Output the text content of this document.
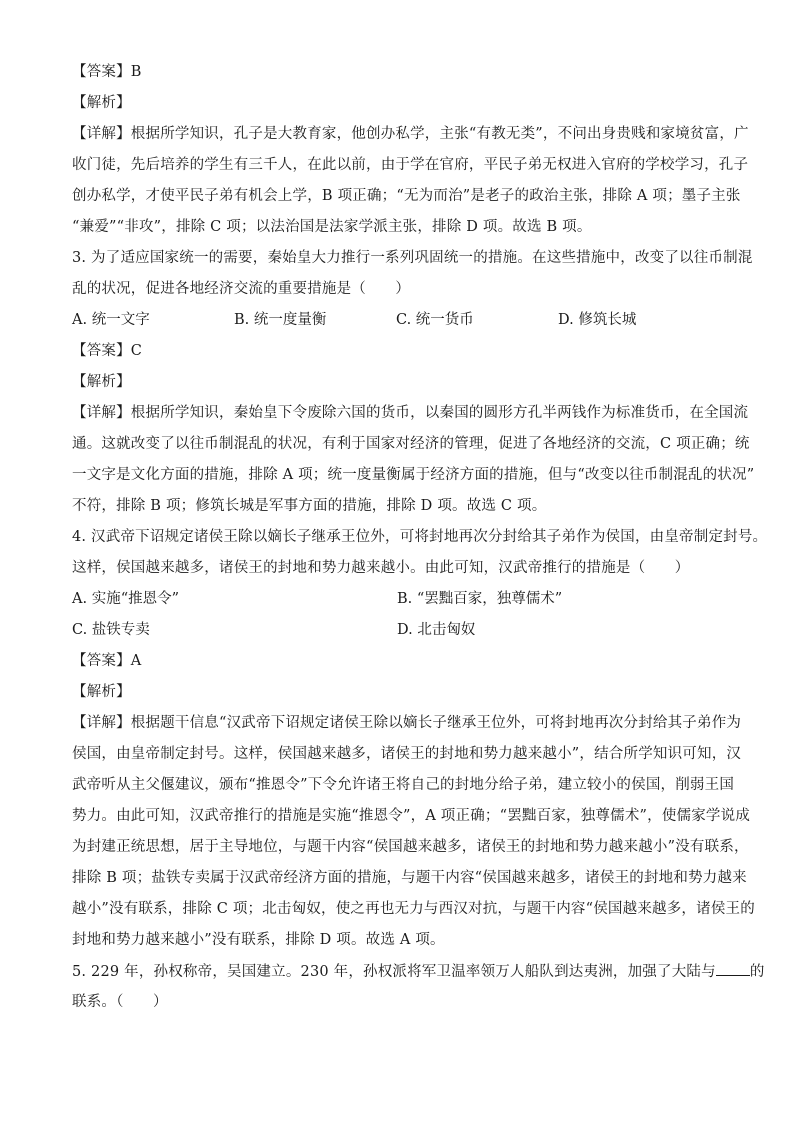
【答案】B
【解析】
【详解】根据所学知识，孔子是大教育家，他创办私学，主张“有教无类”，不问出身贵贱和家境贫富，广
收门徒，先后培养的学生有三千人，在此以前，由于学在官府，平民子弟无权进入官府的学校学习，孔子
创办私学，才使平民子弟有机会上学，B 项正确；“无为而治”是老子的政治主张，排除 A 项；墨子主张
“兼爱”“非攻”，排除 C 项；以法治国是法家学派主张，排除 D 项。故选 B 项。
3. 为了适应国家统一的需要，秦始皇大力推行一系列巩固统一的措施。在这些措施中，改变了以往币制混
乱的状况，促进各地经济交流的重要措施是（　　）
A. 统一文字	B. 统一度量衡	C. 统一货币	D. 修筑长城
【答案】C
【解析】
【详解】根据所学知识，秦始皇下令废除六国的货币，以秦国的圆形方孔半两钱作为标准货币，在全国流
通。这就改变了以往币制混乱的状况，有利于国家对经济的管理，促进了各地经济的交流，C 项正确；统
一文字是文化方面的措施，排除 A 项；统一度量衡属于经济方面的措施，但与“改变以往币制混乱的状况”
不符，排除 B 项；修筑长城是军事方面的措施，排除 D 项。故选 C 项。
4. 汉武帝下诏规定诸侯王除以嫡长子继承王位外，可将封地再次分封给其子弟作为侯国，由皇帝制定封号。
这样，侯国越来越多，诸侯王的封地和势力越来越小。由此可知，汉武帝推行的措施是（　　）
A. 实施“推恩令”	B. “罢黜百家，独尊儒术”
C. 盐铁专卖	D. 北击匈奴
【答案】A
【解析】
【详解】根据题干信息“汉武帝下诏规定诸侯王除以嫡长子继承王位外，可将封地再次分封给其子弟作为
侯国，由皇帝制定封号。这样，侯国越来越多，诸侯王的封地和势力越来越小”，结合所学知识可知，汉
武帝听从主父偃建议，颁布“推恩令”下令允许诸王将自己的封地分给子弟，建立较小的侯国，削弱王国
势力。由此可知，汉武帝推行的措施是实施“推恩令”，A 项正确；“罢黜百家，独尊儒术”，使儒家学说成
为封建正统思想，居于主导地位，与题干内容“侯国越来越多，诸侯王的封地和势力越来越小”没有联系，
排除 B 项；盐铁专卖属于汉武帝经济方面的措施，与题干内容“侯国越来越多，诸侯王的封地和势力越来
越小”没有联系，排除 C 项；北击匈奴，使之再也无力与西汉对抗，与题干内容“侯国越来越多，诸侯王的
封地和势力越来越小”没有联系，排除 D 项。故选 A 项。
5. 229 年，孙权称帝，吴国建立。230 年，孙权派将军卫温率领万人船队到达夷洲，加强了大陆与 的
联系。（　　）
